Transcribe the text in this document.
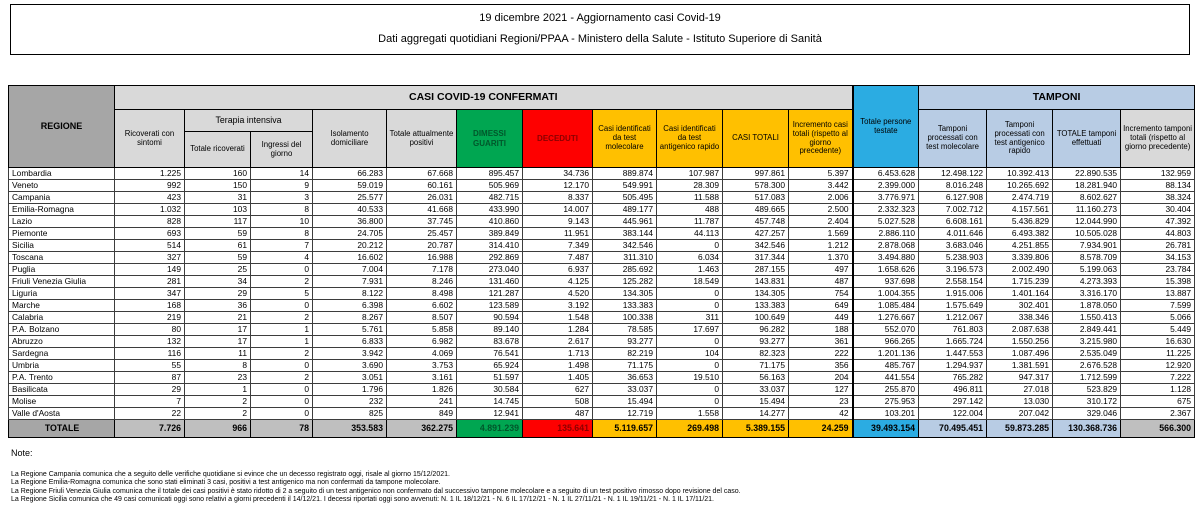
19 dicembre 2021 - Aggiornamento casi Covid-19
Dati aggregati quotidiani Regioni/PPAA - Ministero della Salute - Istituto Superiore di Sanità
REGIONE	CASI COVID-19 CONFERMATI											Totale persone testate	TAMPONI			
	Ricoverati con sintomi	Terapia intensiva		Isolamento domiciliare	Totale attualmente positivi	DIMESSI GUARITI	DECEDUTI	Casi identificati da test molecolare	Casi identificati da test antigenico rapido	CASI TOTALI	Incremento casi totali (rispetto al giorno precedente)		Tamponi processati con test molecolare	Tamponi processati con test antigenico rapido	TOTALE tamponi effettuati	Incremento tamponi totali (rispetto al giorno precedente)
		Totale ricoverati	Ingressi del giorno													
Lombardia	1.225	160	14	66.283	67.668	895.457	34.736	889.874	107.987	997.861	5.397	6.453.628	12.498.122	10.392.413	22.890.535	132.959
Veneto	992	150	9	59.019	60.161	505.969	12.170	549.991	28.309	578.300	3.442	2.399.000	8.016.248	10.265.692	18.281.940	88.134
Campania	423	31	3	25.577	26.031	482.715	8.337	505.495	11.588	517.083	2.006	3.776.971	6.127.908	2.474.719	8.602.627	38.324
Emilia-Romagna	1.032	103	8	40.533	41.668	433.990	14.007	489.177	488	489.665	2.500	2.332.323	7.002.712	4.157.561	11.160.273	30.404
Lazio	828	117	10	36.800	37.745	410.860	9.143	445.961	11.787	457.748	2.404	5.027.528	6.608.161	5.436.829	12.044.990	47.392
Piemonte	693	59	8	24.705	25.457	389.849	11.951	383.144	44.113	427.257	1.569	2.886.110	4.011.646	6.493.382	10.505.028	44.803
Sicilia	514	61	7	20.212	20.787	314.410	7.349	342.546	0	342.546	1.212	2.878.068	3.683.046	4.251.855	7.934.901	26.781
Toscana	327	59	4	16.602	16.988	292.869	7.487	311.310	6.034	317.344	1.370	3.494.880	5.238.903	3.339.806	8.578.709	34.153
Puglia	149	25	0	7.004	7.178	273.040	6.937	285.692	1.463	287.155	497	1.658.626	3.196.573	2.002.490	5.199.063	23.784
Friuli Venezia Giulia	281	34	2	7.931	8.246	131.460	4.125	125.282	18.549	143.831	487	937.698	2.558.154	1.715.239	4.273.393	15.398
Liguria	347	29	5	8.122	8.498	121.287	4.520	134.305	0	134.305	754	1.004.355	1.915.006	1.401.164	3.316.170	13.887
Marche	168	36	0	6.398	6.602	123.589	3.192	133.383	0	133.383	649	1.085.484	1.575.649	302.401	1.878.050	7.599
Calabria	219	21	2	8.267	8.507	90.594	1.548	100.338	311	100.649	449	1.276.667	1.212.067	338.346	1.550.413	5.066
P.A. Bolzano	80	17	1	5.761	5.858	89.140	1.284	78.585	17.697	96.282	188	552.070	761.803	2.087.638	2.849.441	5.449
Abruzzo	132	17	1	6.833	6.982	83.678	2.617	93.277	0	93.277	361	966.265	1.665.724	1.550.256	3.215.980	16.630
Sardegna	116	11	2	3.942	4.069	76.541	1.713	82.219	104	82.323	222	1.201.136	1.447.553	1.087.496	2.535.049	11.225
Umbria	55	8	0	3.690	3.753	65.924	1.498	71.175	0	71.175	356	485.767	1.294.937	1.381.591	2.676.528	12.920
P.A. Trento	87	23	2	3.051	3.161	51.597	1.405	36.653	19.510	56.163	204	441.554	765.282	947.317	1.712.599	7.222
Basilicata	29	1	0	1.796	1.826	30.584	627	33.037	0	33.037	127	255.870	496.811	27.018	523.829	1.128
Molise	7	2	0	232	241	14.745	508	15.494	0	15.494	23	275.953	297.142	13.030	310.172	675
Valle d'Aosta	22	2	0	825	849	12.941	487	12.719	1.558	14.277	42	103.201	122.004	207.042	329.046	2.367
TOTALE	7.726	966	78	353.583	362.275	4.891.239	135.641	5.119.657	269.498	5.389.155	24.259	39.493.154	70.495.451	59.873.285	130.368.736	566.300
Note:
La Regione Campania comunica che a seguito delle verifiche quotidiane si evince che un decesso registrato oggi, risale al giorno 15/12/2021.
La Regione Emilia-Romagna comunica che sono stati eliminati 3 casi, positivi a test antigenico ma non confermati da tampone molecolare.
La Regione Friuli Venezia Giulia comunica che il totale dei casi positivi è stato ridotto di 2 a seguito di un test antigenico non confermato dal successivo tampone molecolare e a seguito di un test positivo rimosso dopo revisione del caso.
La Regione Sicilia comunica che 49 casi comunicati oggi sono relativi a giorni precedenti il 14/12/21. I decessi riportati oggi sono avvenuti: N. 1 IL 18/12/21 - N. 6 IL 17/12/21 - N. 1 IL 27/11/21 - N. 1 IL 19/11/21 - N. 1 IL 17/11/21.
